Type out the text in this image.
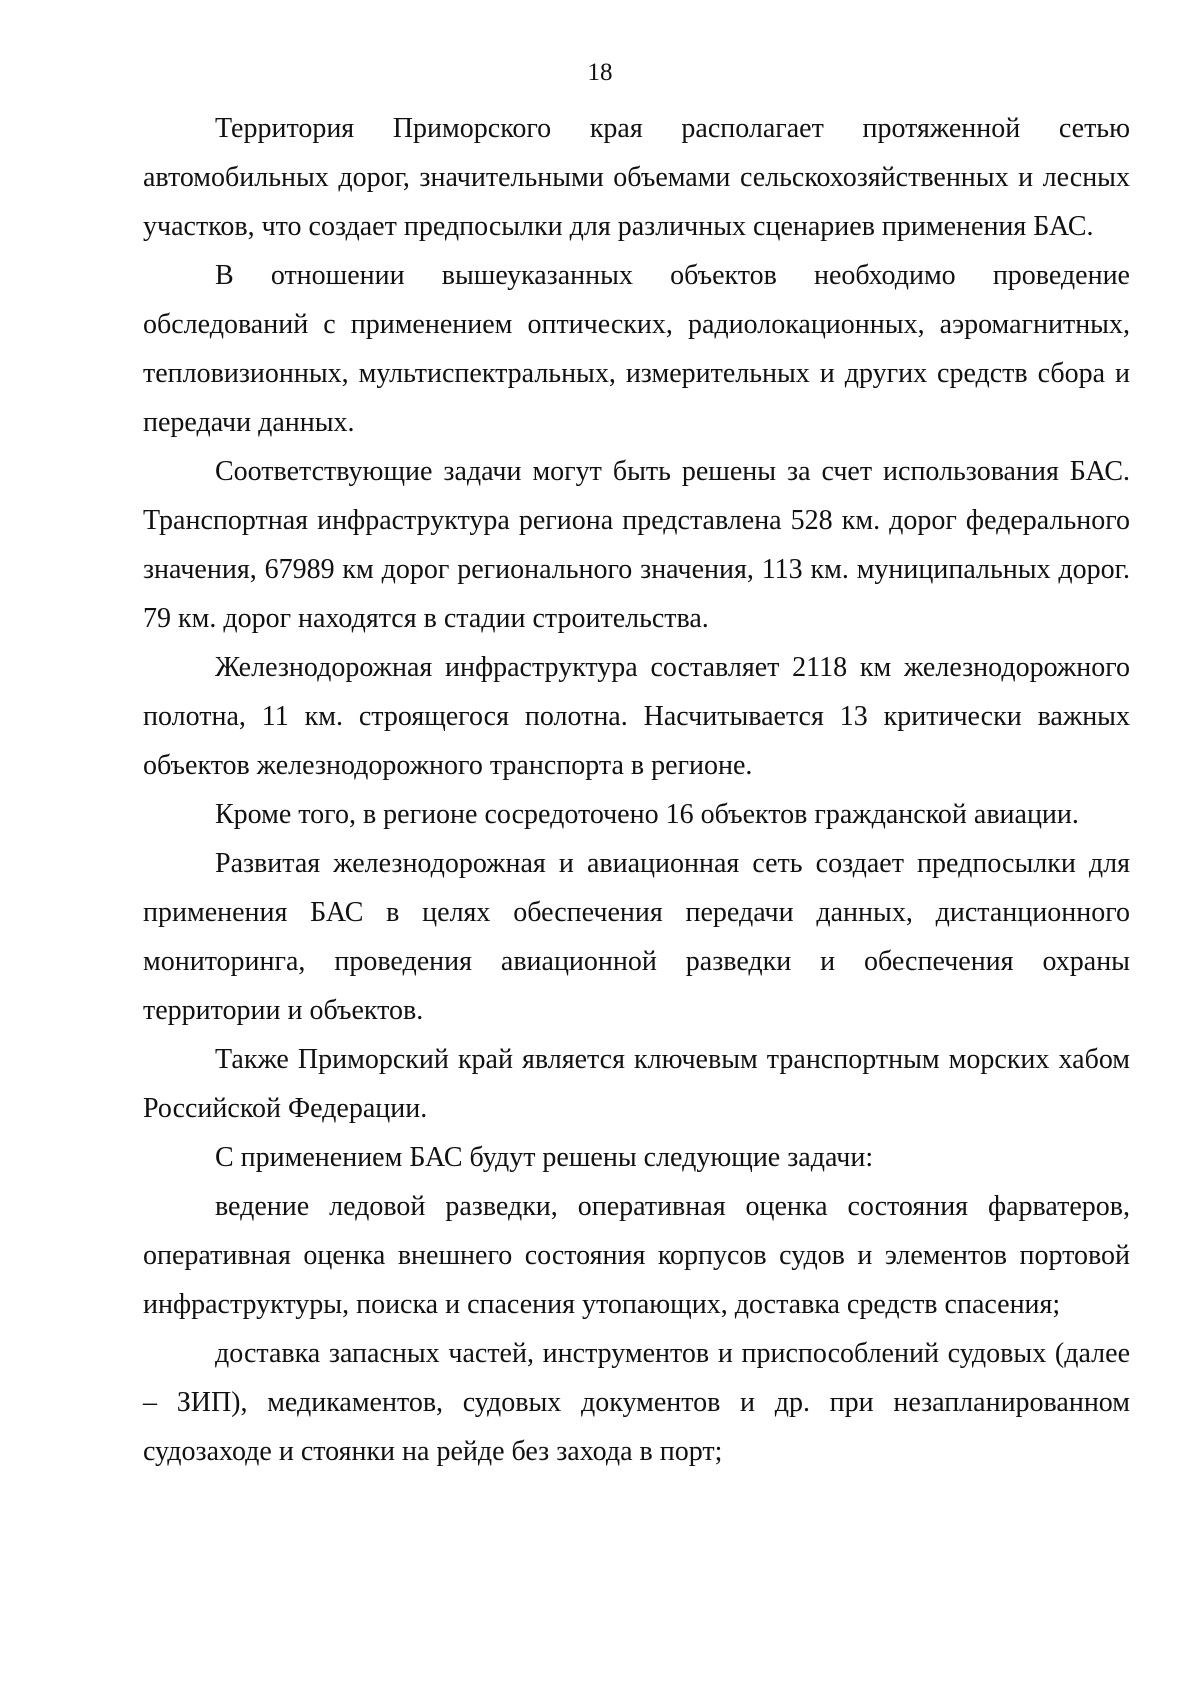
18

Территория Приморского края располагает протяженной сетью автомобильных дорог, значительными объемами сельскохозяйственных и лесных участков, что создает предпосылки для различных сценариев применения БАС.

В отношении вышеуказанных объектов необходимо проведение обследований с применением оптических, радиолокационных, аэромагнитных, тепловизионных, мультиспектральных, измерительных и других средств сбора и передачи данных.

Соответствующие задачи могут быть решены за счет использования БАС. Транспортная инфраструктура региона представлена 528 км. дорог федерального значения, 67989 км дорог регионального значения, 113 км. муниципальных дорог. 79 км. дорог находятся в стадии строительства.

Железнодорожная инфраструктура составляет 2118 км железнодорожного полотна, 11 км. строящегося полотна. Насчитывается 13 критически важных объектов железнодорожного транспорта в регионе.

Кроме того, в регионе сосредоточено 16 объектов гражданской авиации.

Развитая железнодорожная и авиационная сеть создает предпосылки для применения БАС в целях обеспечения передачи данных, дистанционного мониторинга, проведения авиационной разведки и обеспечения охраны территории и объектов.

Также Приморский край является ключевым транспортным морских хабом Российской Федерации.

С применением БАС будут решены следующие задачи:

ведение ледовой разведки, оперативная оценка состояния фарватеров, оперативная оценка внешнего состояния корпусов судов и элементов портовой инфраструктуры, поиска и спасения утопающих, доставка средств спасения;

доставка запасных частей, инструментов и приспособлений судовых (далее – ЗИП), медикаментов, судовых документов и др. при незапланированном судозаходе и стоянки на рейде без захода в порт;
